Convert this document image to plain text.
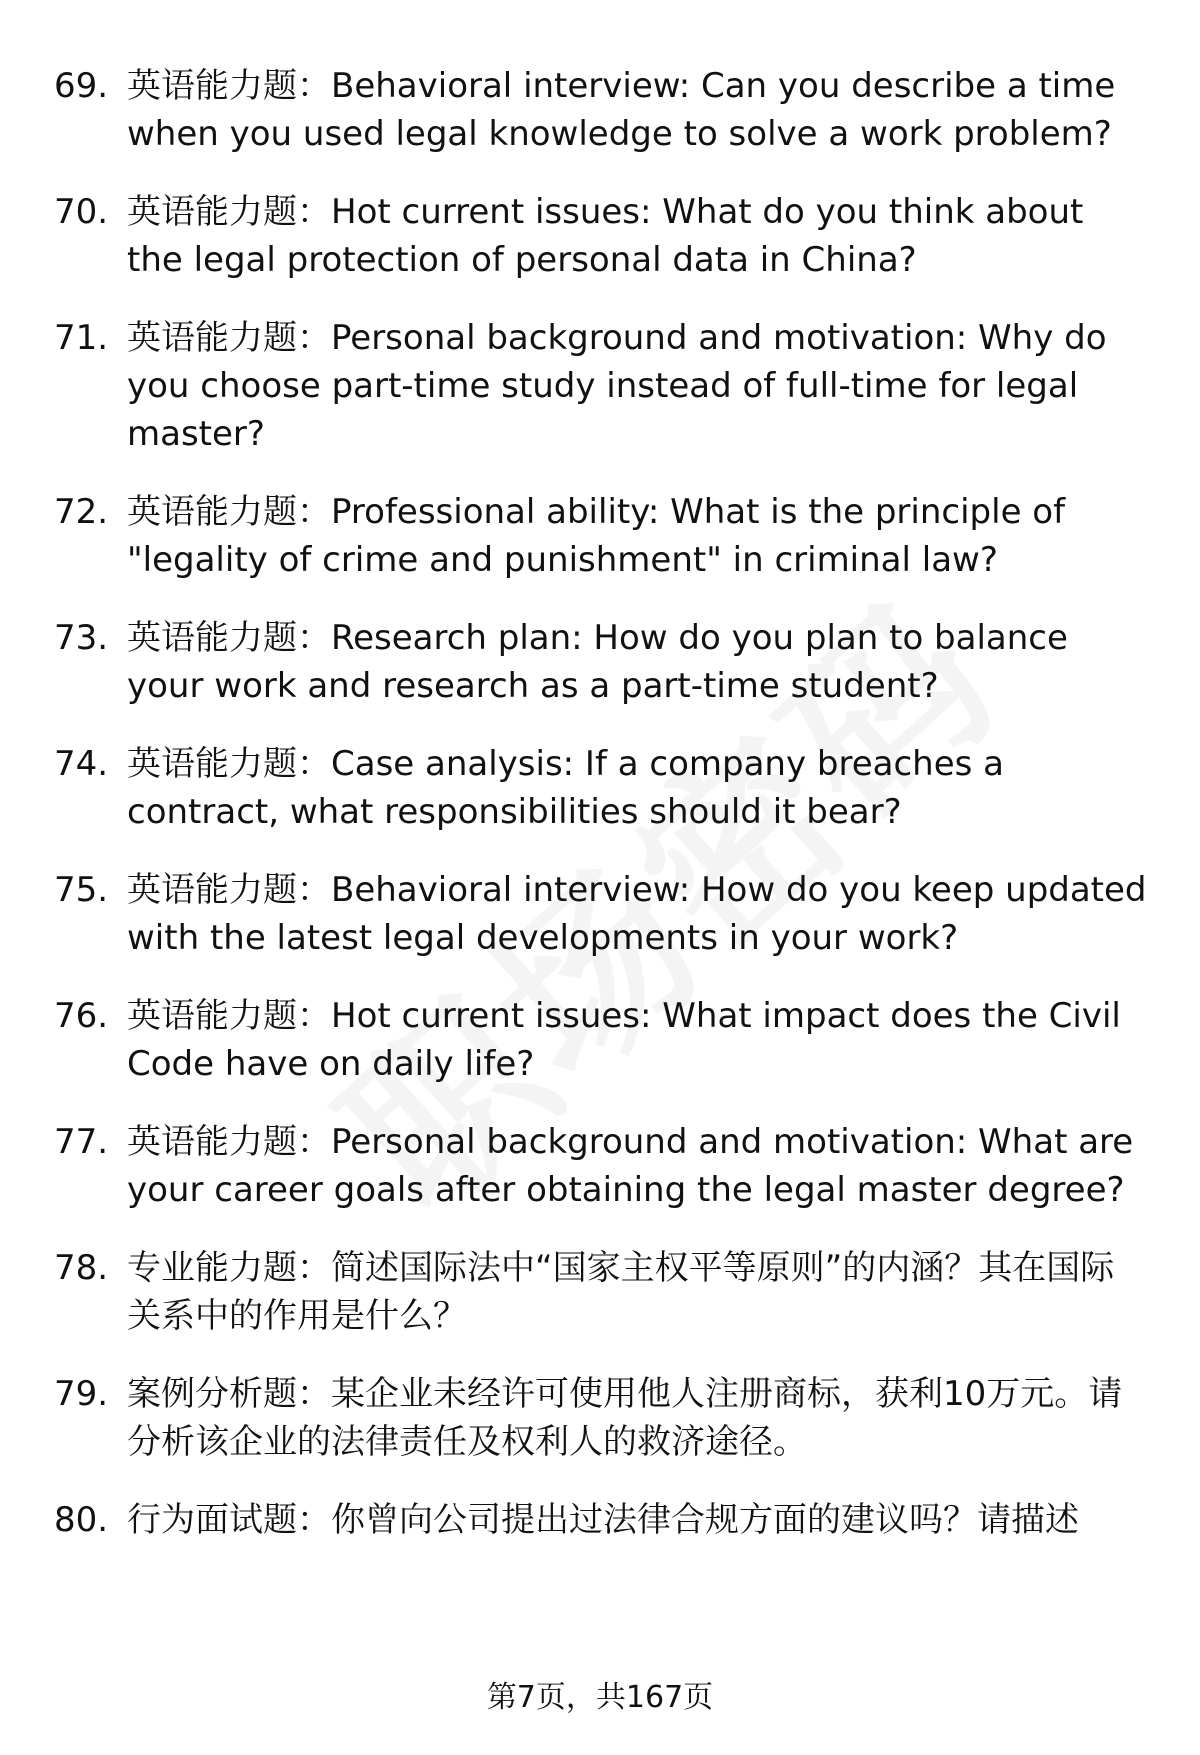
69. 英语能力题：Behavioral interview: Can you describe a time when you used legal knowledge to solve a work problem?
70. 英语能力题：Hot current issues: What do you think about the legal protection of personal data in China?
71. 英语能力题：Personal background and motivation: Why do you choose part-time study instead of full-time for legal master?
72. 英语能力题：Professional ability: What is the principle of "legality of crime and punishment" in criminal law?
73. 英语能力题：Research plan: How do you plan to balance your work and research as a part-time student?
74. 英语能力题：Case analysis: If a company breaches a contract, what responsibilities should it bear?
75. 英语能力题：Behavioral interview: How do you keep updated with the latest legal developments in your work?
76. 英语能力题：Hot current issues: What impact does the Civil Code have on daily life?
77. 英语能力题：Personal background and motivation: What are your career goals after obtaining the legal master degree?
78. 专业能力题：简述国际法中“国家主权平等原则”的内涵？其在国际关系中的作用是什么？
79. 案例分析题：某企业未经许可使用他人注册商标，获利10万元。请分析该企业的法律责任及权利人的救济途径。
80. 行为面试题：你曾向公司提出过法律合规方面的建议吗？请描述
第7页，共167页
